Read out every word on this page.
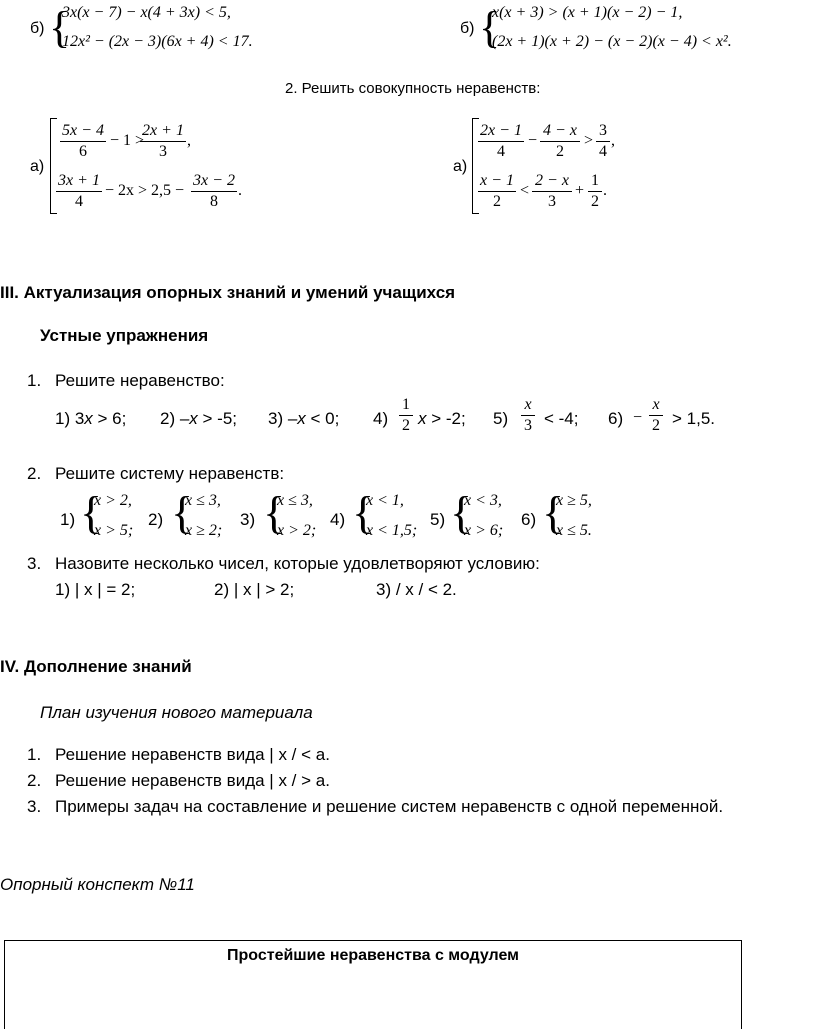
б) {
3x(x − 7) − x(4 + 3x) < 5,
12x² − (2x − 3)(6x + 4) < 17.
б) {
x(x + 3) > (x + 1)(x − 2) − 1,
(2x + 1)(x + 2) − (x − 2)(x − 4) < x².
2. Решить совокупность неравенств:
а)
5x − 4
6
− 1 >
2x + 1
3
,
3x + 1
4
− 2x > 2,5 −
3x − 2
8
.
а)
2x − 1
4
−
4 − x
2
>
3
4
,
x − 1
2
<
2 − x
3
+
1
2
.
III. Актуализация опорных знаний и умений учащихся
Устные упражнения
1. Решите неравенство:
1) 3x > 6; 2) –x > -5; 3) –x < 0; 4)
1
2 x > -2; 5)
x
3 < -4; 6) −
x
2 > 1,5.
2. Решите систему неравенств:
1) {
x > 2,
x > 5;
2) {
x ≤ 3,
x ≥ 2;
3) {
x ≤ 3,
x > 2;
4) {
x < 1,
x < 1,5;
5) {
x < 3,
x > 6;
6) {
x ≥ 5,
x ≤ 5.
3. Назовите несколько чисел, которые удовлетворяют условию:
1) | x | = 2;	2) | x | > 2;	3) / x / < 2.
IV. Дополнение знаний
План изучения нового материала
1. Решение неравенств вида | x / < a.
2. Решение неравенств вида | x / > a.
3. Примеры задач на составление и решение систем неравенств с одной переменной.
Опорный конспект №11
Простейшие неравенства с модулем
